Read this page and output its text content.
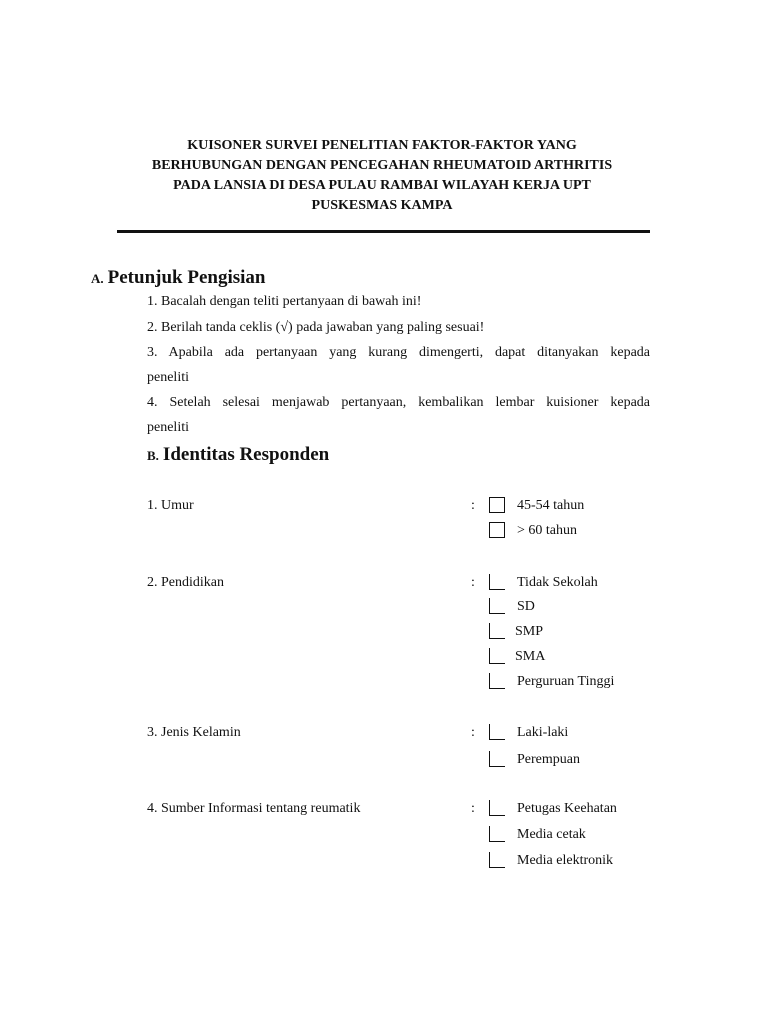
KUISONER SURVEI PENELITIAN FAKTOR-FAKTOR YANG
BERHUBUNGAN DENGAN PENCEGAHAN RHEUMATOID ARTHRITIS
PADA LANSIA DI DESA PULAU RAMBAI WILAYAH KERJA UPT
PUSKESMAS KAMPA
A. Petunjuk Pengisian
1. Bacalah dengan teliti pertanyaan di bawah ini!
2. Berilah tanda ceklis (√) pada jawaban yang paling sesuai!
3. Apabila ada pertanyaan yang kurang dimengerti, dapat ditanyakan kepada
peneliti
4. Setelah selesai menjawab pertanyaan, kembalikan lembar kuisioner kepada
peneliti
B. Identitas Responden
1. Umur	:	45-54 tahun
> 60 tahun
2. Pendidikan	:	Tidak Sekolah
SD
SMP
SMA
Perguruan Tinggi
3. Jenis Kelamin	:	Laki-laki
Perempuan
4. Sumber Informasi tentang reumatik	:	Petugas Keehatan
Media cetak
Media elektronik
